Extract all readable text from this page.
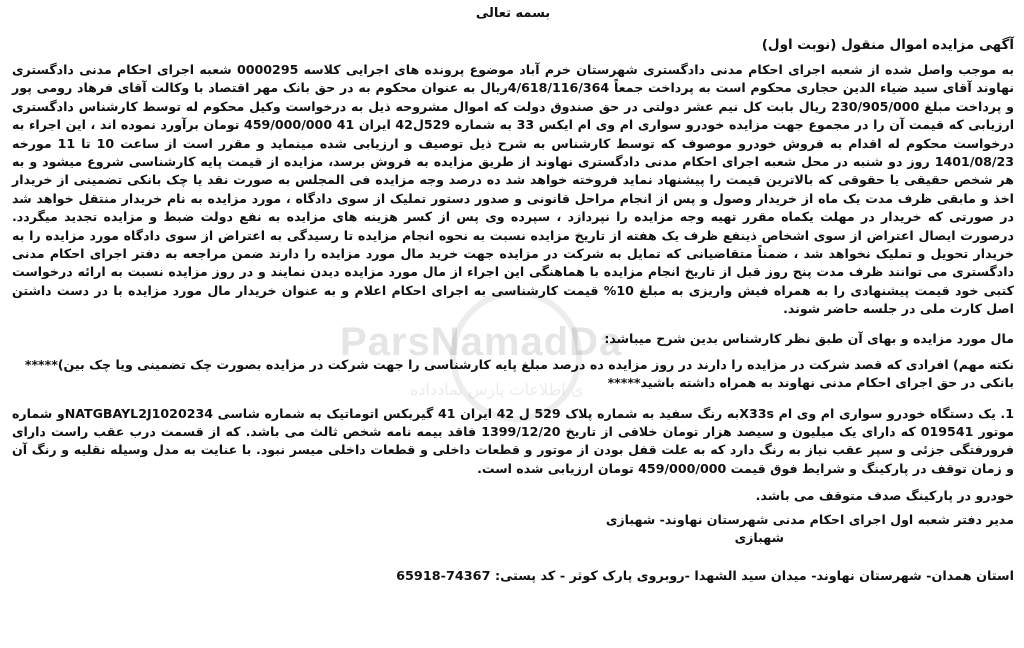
ParsNamadDa
ی اطلاعات پارس نمادداده
بسمه تعالی
آگهی مزایده اموال منقول (نوبت اول)
به موجب واصل شده از شعبه اجرای احکام مدنی دادگستری شهرستان خرم آباد موضوع پرونده های اجرایی کلاسه 0000295 شعبه اجرای احکام مدنی دادگستری نهاوند آقای سید ضیاء الدین حجاری محکوم است به پرداخت جمعاً 4/618/116/364ریال به عنوان محکوم به در حق بانک مهر اقتصاد با وکالت آقای فرهاد رومی پور و پرداخت مبلغ 230/905/000 ریال بابت کل نیم عشر دولتی در حق صندوق دولت که اموال مشروحه ذیل به درخواست وکیل محکوم له توسط کارشناس دادگستری ارزیابی که قیمت آن را در مجموع جهت مزایده خودرو سواری ام وی ام ایکس 33 به شماره 529ل42 ایران 41 459/000/000 تومان برآورد نموده اند ، این اجراء به درخواست محکوم له اقدام به فروش خودرو موصوف که توسط کارشناس به شرح ذیل توصیف و ارزیابی شده مینماید و مقرر است از ساعت 10 تا 11 مورخه 1401/08/23 روز دو شنبه در محل شعبه اجرای احکام مدنی دادگستری نهاوند از طریق مزایده به فروش برسد، مزایده از قیمت پایه کارشناسی شروع میشود و به هر شخص حقیقی یا حقوقی که بالاترین قیمت را پیشنهاد نماید فروخته خواهد شد ده درصد وجه مزایده فی المجلس به صورت نقد یا چک بانکی تضمینی از خریدار اخذ و مابقی ظرف مدت یک ماه از خریدار وصول و پس از انجام مراحل قانونی و صدور دستور تملیک از سوی دادگاه ، مورد مزایده به نام خریدار منتقل خواهد شد در صورتی که خریدار در مهلت یکماه مقرر تهیه وجه مزایده را نپردازد ، سپرده وی پس از کسر هزینه های مزایده به نفع دولت ضبط و مزایده تجدید میگردد. درصورت ایصال اعتراض از سوی اشخاص ذینفع ظرف یک هفته از تاریخ مزایده نسبت به نحوه انجام مزایده تا رسیدگی به اعتراض از سوی دادگاه مورد مزایده را به خریدار تحویل و تملیک نخواهد شد ، ضمناً متقاضیانی که تمایل به شرکت در مزایده جهت خرید مال مورد مزایده را دارند ضمن مراجعه به دفتر اجرای احکام مدنی دادگستری می توانند ظرف مدت پنج روز قبل از تاریخ انجام مزایده با هماهنگی این اجراء از مال مورد مزایده دیدن نمایند و در روز مزایده نسبت به ارائه درخواست کتبی خود قیمت پیشنهادی را به همراه فیش واریزی به مبلغ 10% قیمت کارشناسی به اجرای احکام اعلام و به عنوان خریدار مال مورد مزایده با در دست داشتن اصل کارت ملی در جلسه حاضر شوند.
مال مورد مزایده و بهای آن طبق نظر کارشناس بدین شرح میباشد:
نکته مهم) افرادی که قصد شرکت در مزایده را دارند در روز مزایده ده درصد مبلغ پایه کارشناسی را جهت شرکت در مزایده بصورت چک تضمینی ویا چک بین)***** بانکی در حق اجرای احکام مدنی نهاوند به همراه داشته باشید*****
1. یک دستگاه خودرو سواری ام وی ام X33sبه رنگ سفید به شماره پلاک 529 ل 42 ایران 41 گیربکس اتوماتیک به شماره شاسی NATGBAYL2J1020234و شماره موتور 019541 که دارای یک میلیون و سیصد هزار تومان خلافی از تاریخ 1399/12/20 فاقد بیمه نامه شخص ثالث می باشد. که از قسمت درب عقب راست دارای فرورفتگی جزئی و سپر عقب نیاز به رنگ دارد که به علت قفل بودن از موتور و قطعات داخلی و قطعات داخلی میسر نبود. با عنایت به مدل وسیله نقلیه و رنگ آن و زمان توقف در پارکینگ و شرایط فوق قیمت 459/000/000 تومان ارزیابی شده است.
خودرو در پارکینگ صدف متوقف می باشد.
مدیر دفتر شعبه اول اجرای احکام مدنی شهرستان نهاوند- شهبازی
شهبازی
استان همدان- شهرستان نهاوند- میدان سید الشهدا -روبروی پارک کوثر - کد پستی: 74367-65918
